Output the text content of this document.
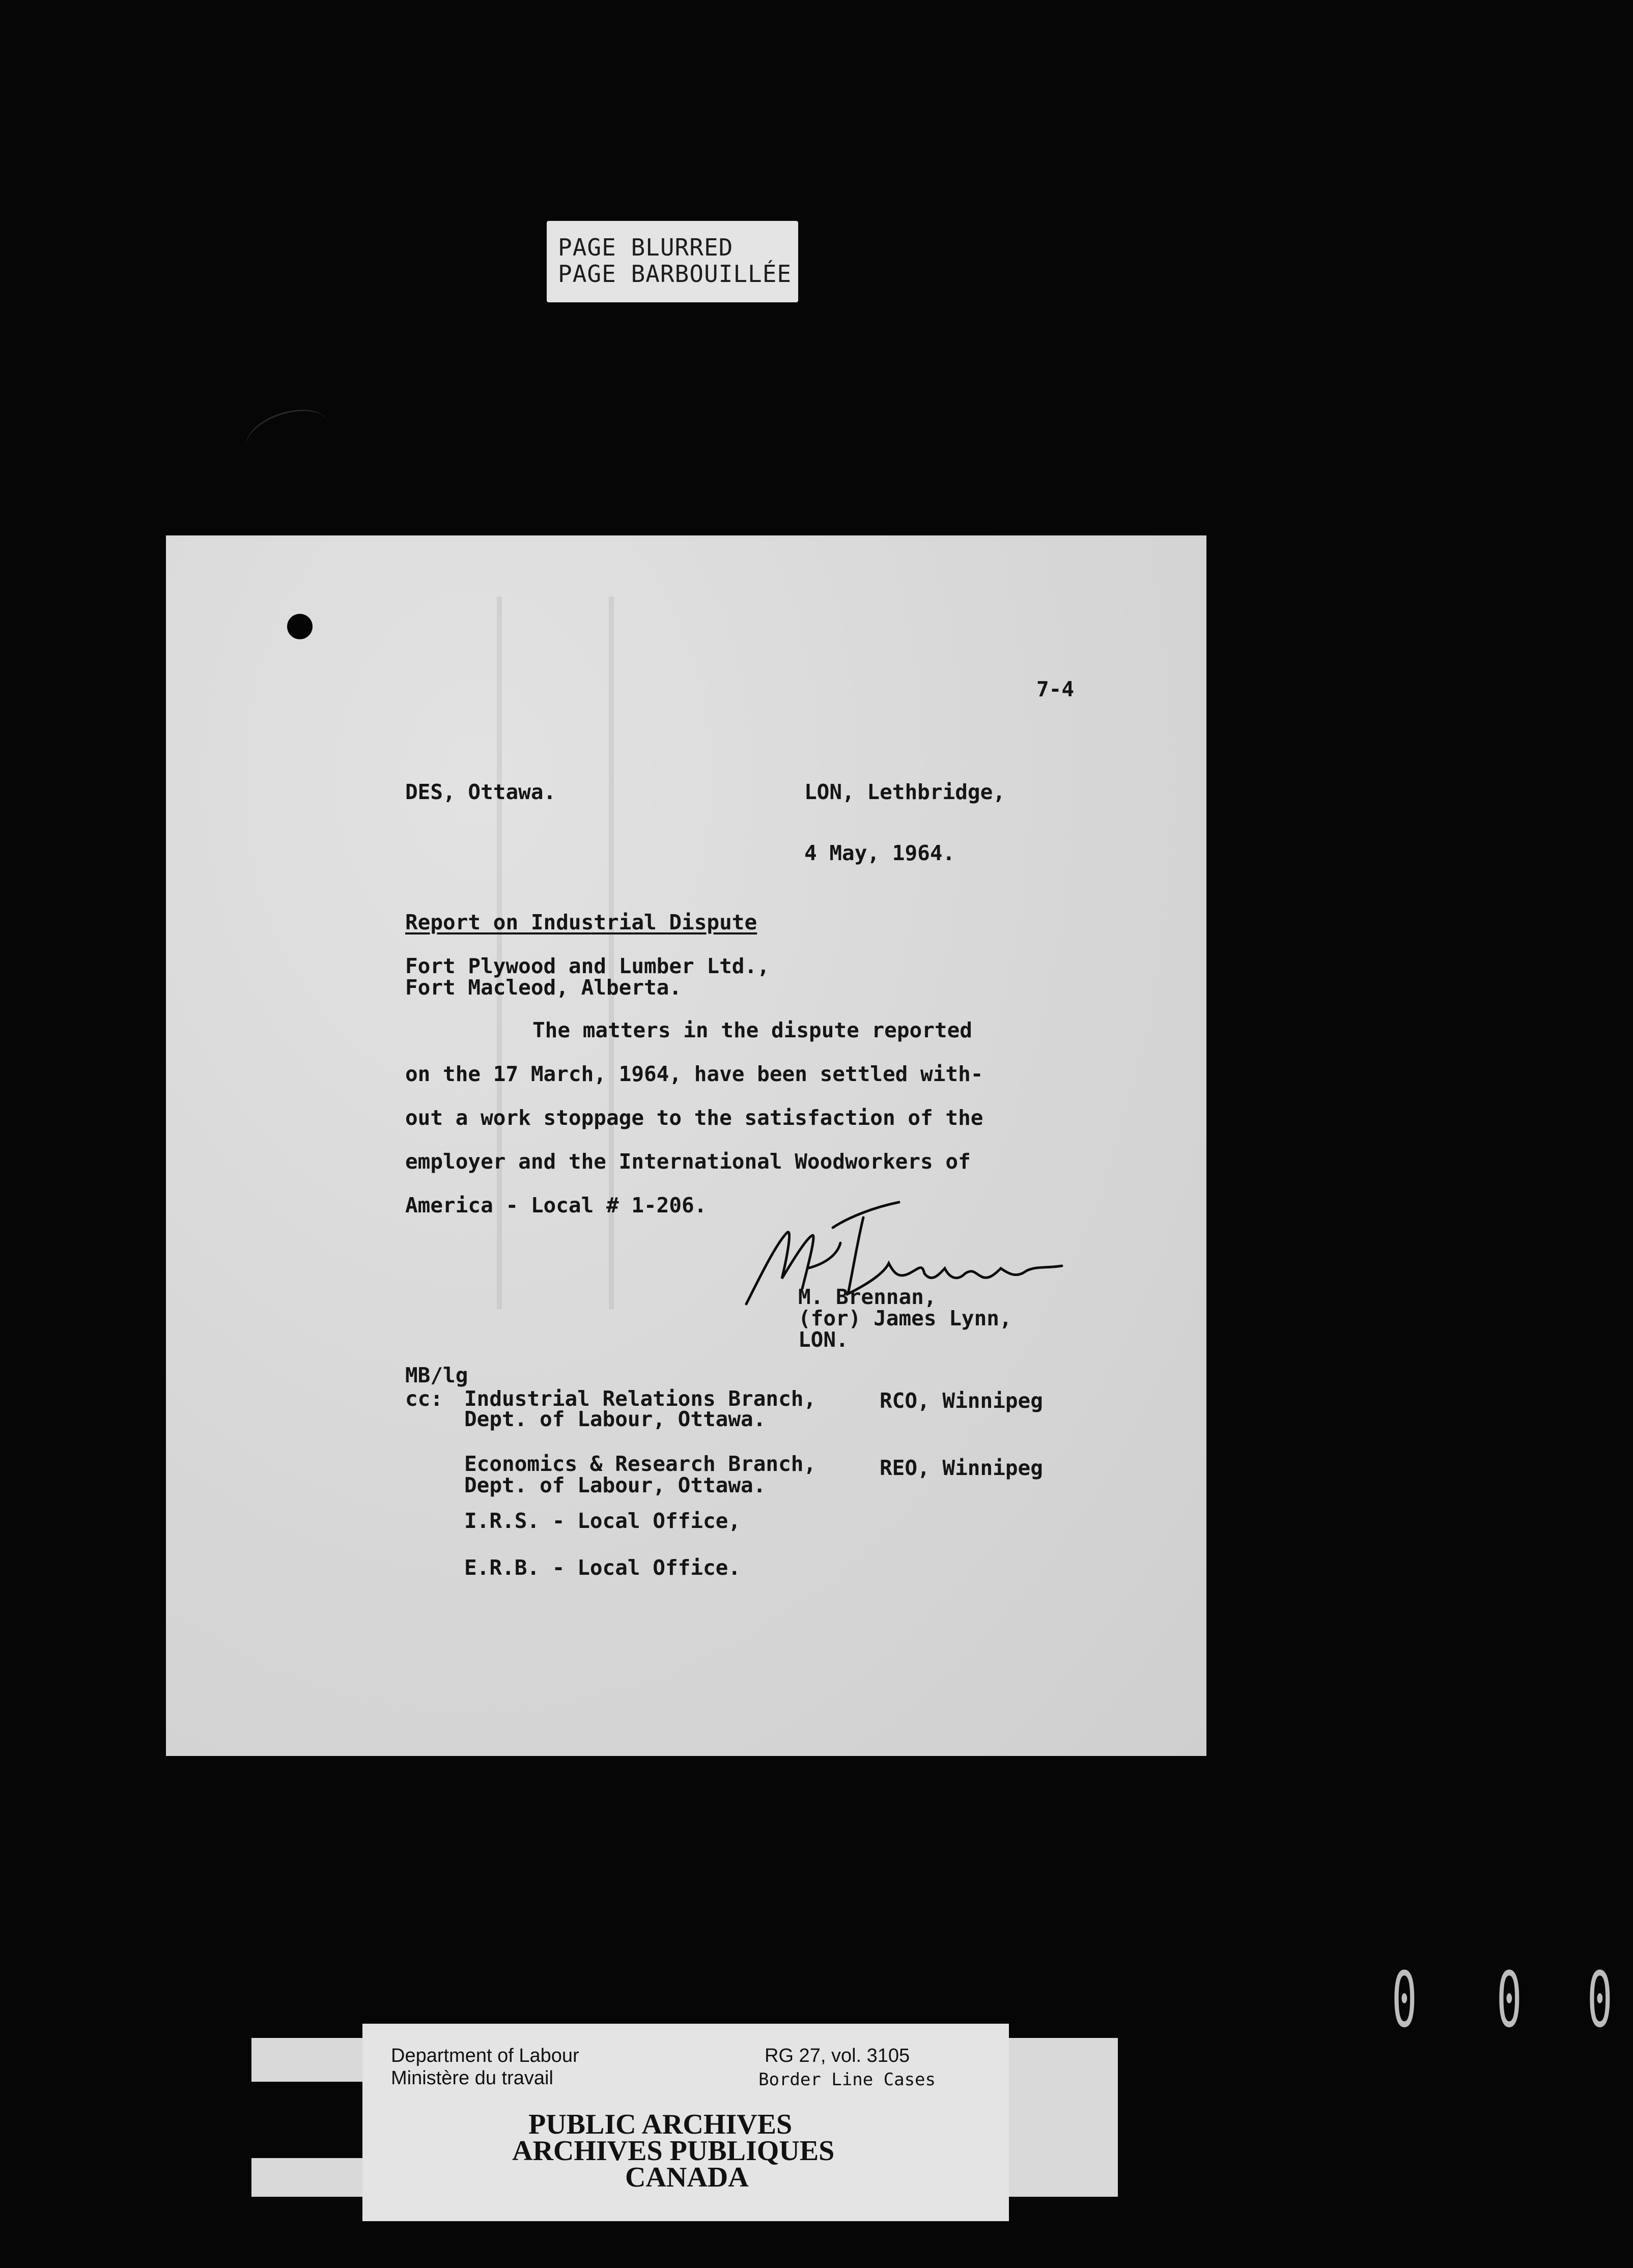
PAGE BLURRED
PAGE BARBOUILLÉE
7-4
DES, Ottawa.	LON, Lethbridge,
4 May, 1964.
Report on Industrial Dispute
Fort Plywood and Lumber Ltd.,
Fort Macleod, Alberta.
The matters in the dispute reported
on the 17 March, 1964, have been settled with-
out a work stoppage to the satisfaction of the
employer and the International Woodworkers of
America - Local # 1-206.
M. Brennan,
(for) James Lynn,
LON.
MB/lg
cc: Industrial Relations Branch,
Dept. of Labour, Ottawa.
RCO, Winnipeg
Economics & Research Branch,
Dept. of Labour, Ottawa.
REO, Winnipeg
I.R.S. - Local Office,
E.R.B. - Local Office.
0 0 0
Department of Labour
Ministère du travail
RG 27, vol. 3105
Border Line Cases
PUBLIC ARCHIVES
ARCHIVES PUBLIQUES
CANADA
